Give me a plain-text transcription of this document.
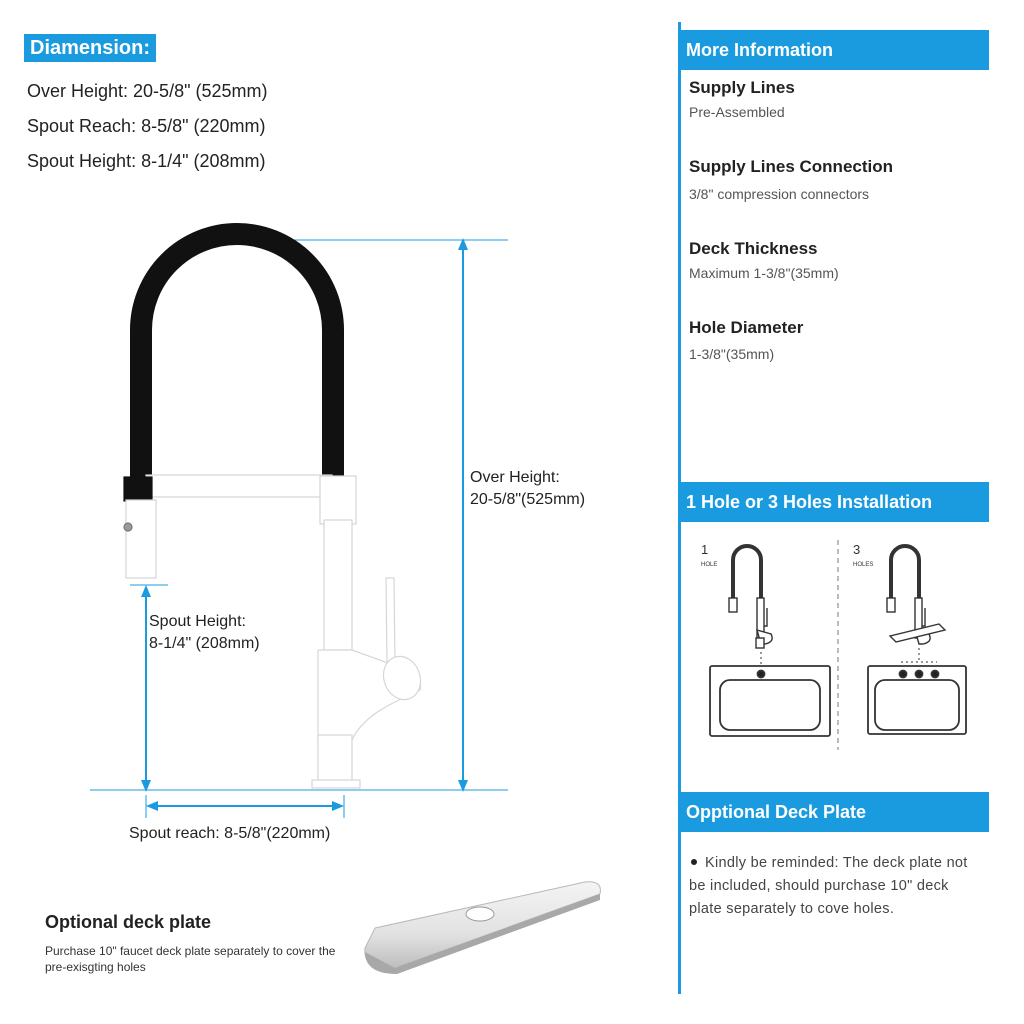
Diamension:
Over Height: 20-5/8" (525mm)
Spout Reach: 8-5/8" (220mm)
Spout Height: 8-1/4" (208mm)
Over Height:
20-5/8"(525mm)
Spout Height:
8-1/4" (208mm)
Spout reach: 8-5/8"(220mm)
Optional deck plate
Purchase 10" faucet deck plate separately to cover the pre-exisgting holes
More Information
Supply Lines
Pre-Assembled
Supply Lines Connection
3/8" compression connectors
Deck Thickness
Maximum 1-3/8"(35mm)
Hole Diameter
1-3/8"(35mm)
1 Hole or 3 Holes Installation
1
HOLE
3
HOLES
Opptional Deck Plate
Kindly be reminded: The deck plate not be included, should purchase 10" deck plate separately to cove holes.
